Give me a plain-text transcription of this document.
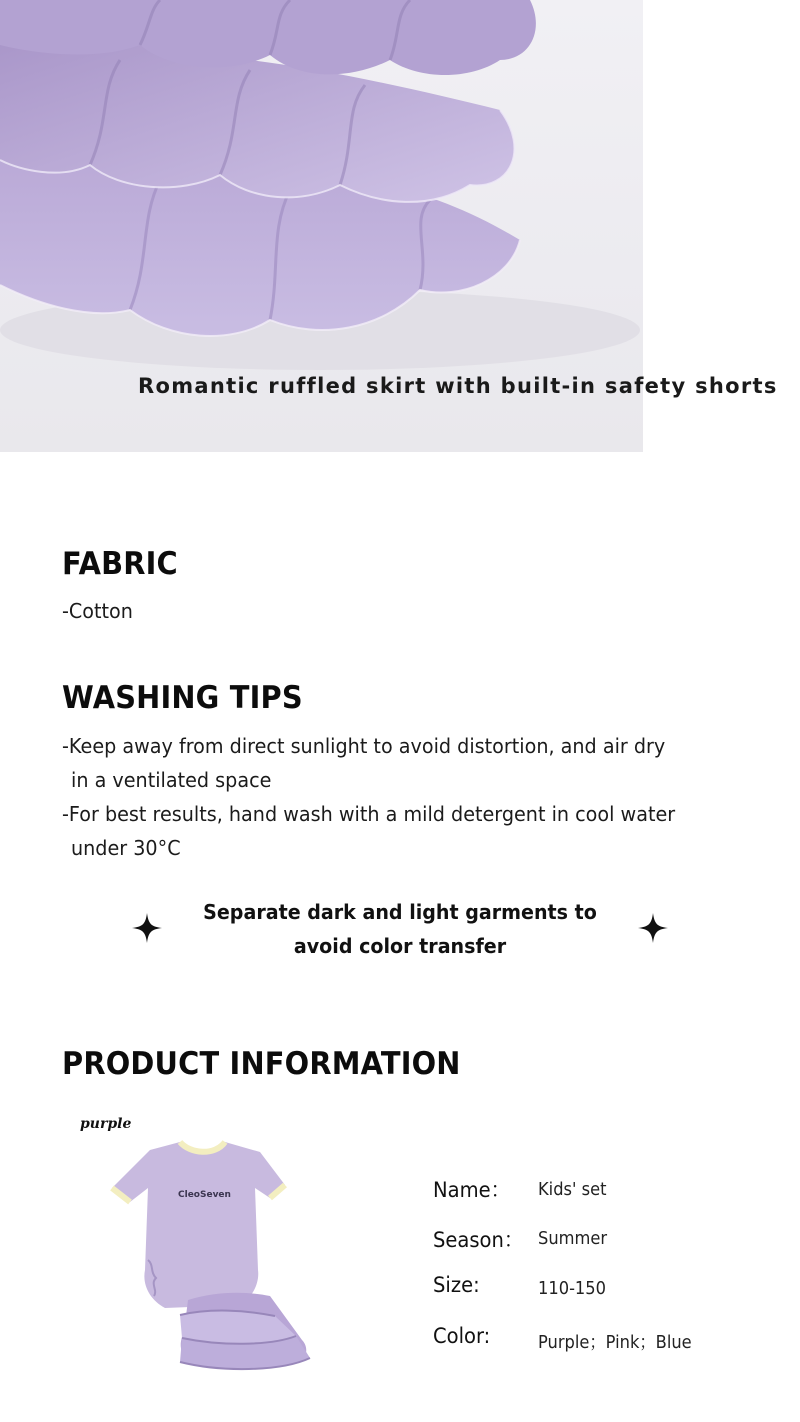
Romantic ruffled skirt with built-in safety shorts
FABRIC

-Cotton

WASHING TIPS

-Keep away from direct sunlight to avoid distortion, and air dry

in a ventilated space

-For best results, hand wash with a mild detergent in cool water

under 30°C

Separate dark and light garments to
avoid color transfer
PRODUCT INFORMATION
purple
CleoSeven	Name： Kids' set
Season： Summer
Size:	110-150
Color:	Purple；Pink；Blue
